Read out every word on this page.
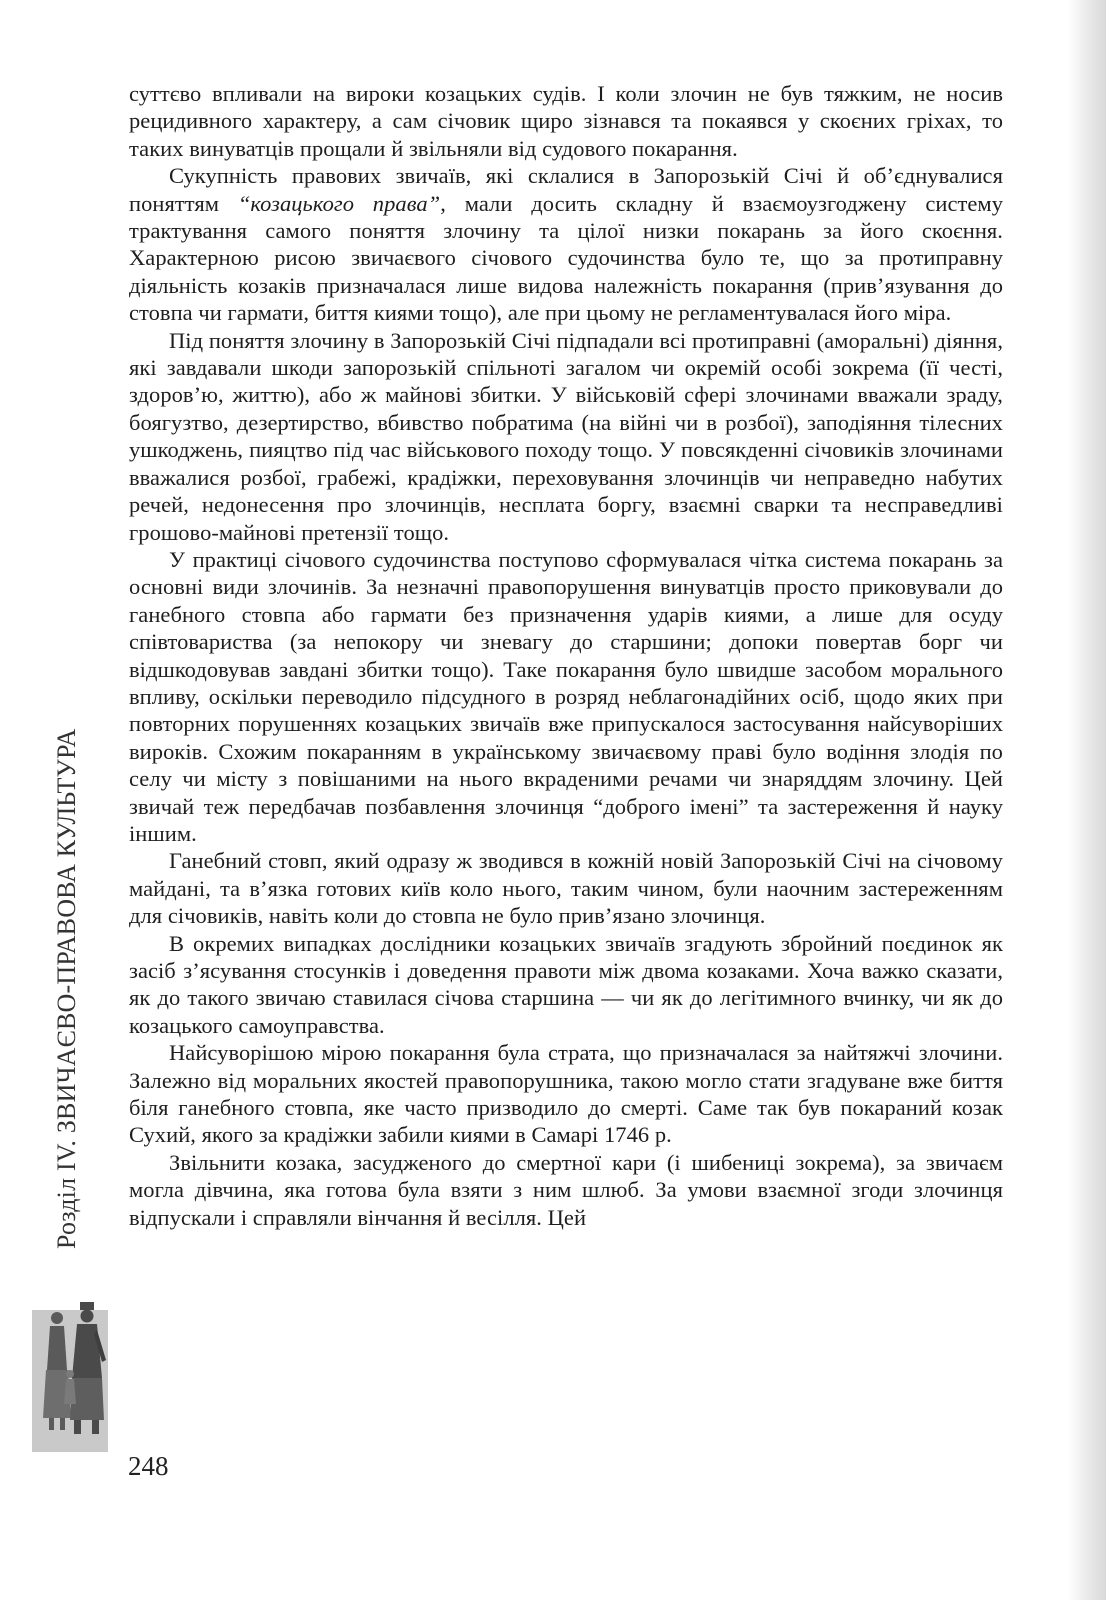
суттєво впливали на вироки козацьких судів. І коли злочин не був тяжким, не носив рецидивного характеру, а сам січовик щиро зізнався та покаявся у скоєних гріхах, то таких винуватців прощали й звільняли від судового покарання.

Сукупність правових звичаїв, які склалися в Запорозькій Січі й об’єднувалися поняттям “козацького права”, мали досить складну й взаємоузгоджену систему трактування самого поняття злочину та цілої низки покарань за його скоєння. Характерною рисою звичаєвого січового судочинства було те, що за протиправну діяльність козаків призначалася лише видова належність покарання (прив’язування до стовпа чи гармати, биття киями тощо), але при цьому не регламентувалася його міра.

Під поняття злочину в Запорозькій Січі підпадали всі протиправні (аморальні) діяння, які завдавали шкоди запорозькій спільноті загалом чи окремій особі зокрема (її честі, здоров’ю, життю), або ж майнові збитки. У військовій сфері злочинами вважали зраду, боягузтво, дезертирство, вбивство побратима (на війні чи в розбої), заподіяння тілесних ушкоджень, пияцтво під час військового походу тощо. У повсякденні січовиків злочинами вважалися розбої, грабежі, крадіжки, переховування злочинців чи неправедно набутих речей, недонесення про злочинців, несплата боргу, взаємні сварки та несправедливі грошово-майнові претензії тощо.

У практиці січового судочинства поступово сформувалася чітка система покарань за основні види злочинів. За незначні правопорушення винуватців просто приковували до ганебного стовпа або гармати без призначення ударів киями, а лише для осуду співтовариства (за непокору чи зневагу до старшини; допоки повертав борг чи відшкодовував завдані збитки тощо). Таке покарання було швидше засобом морального впливу, оскільки переводило підсудного в розряд неблагонадійних осіб, щодо яких при повторних порушеннях козацьких звичаїв вже припускалося застосування найсуворіших вироків. Схожим покаранням в українському звичаєвому праві було водіння злодія по селу чи місту з повішаними на нього вкраденими речами чи знаряддям злочину. Цей звичай теж передбачав позбавлення злочинця “доброго імені” та застереження й науку іншим.

Ганебний стовп, який одразу ж зводився в кожній новій Запорозькій Січі на січовому майдані, та в’язка готових київ коло нього, таким чином, були наочним застереженням для січовиків, навіть коли до стовпа не було прив’язано злочинця.

В окремих випадках дослідники козацьких звичаїв згадують збройний поєдинок як засіб з’ясування стосунків і доведення правоти між двома козаками. Хоча важко сказати, як до такого звичаю ставилася січова старшина — чи як до легітимного вчинку, чи як до козацького самоуправства.

Найсуворішою мірою покарання була страта, що призначалася за найтяжчі злочини. Залежно від моральних якостей правопорушника, такою могло стати згадуване вже биття біля ганебного стовпа, яке часто призводило до смерті. Саме так був покараний козак Сухий, якого за крадіжки забили киями в Самарі 1746 р.

Звільнити козака, засудженого до смертної кари (і шибениці зокрема), за звичаєм могла дівчина, яка готова була взяти з ним шлюб. За умови взаємної згоди злочинця відпускали і справляли вінчання й весілля. Цей

Розділ IV. ЗВИЧАЄВО-ПРАВОВА КУЛЬТУРА
248
